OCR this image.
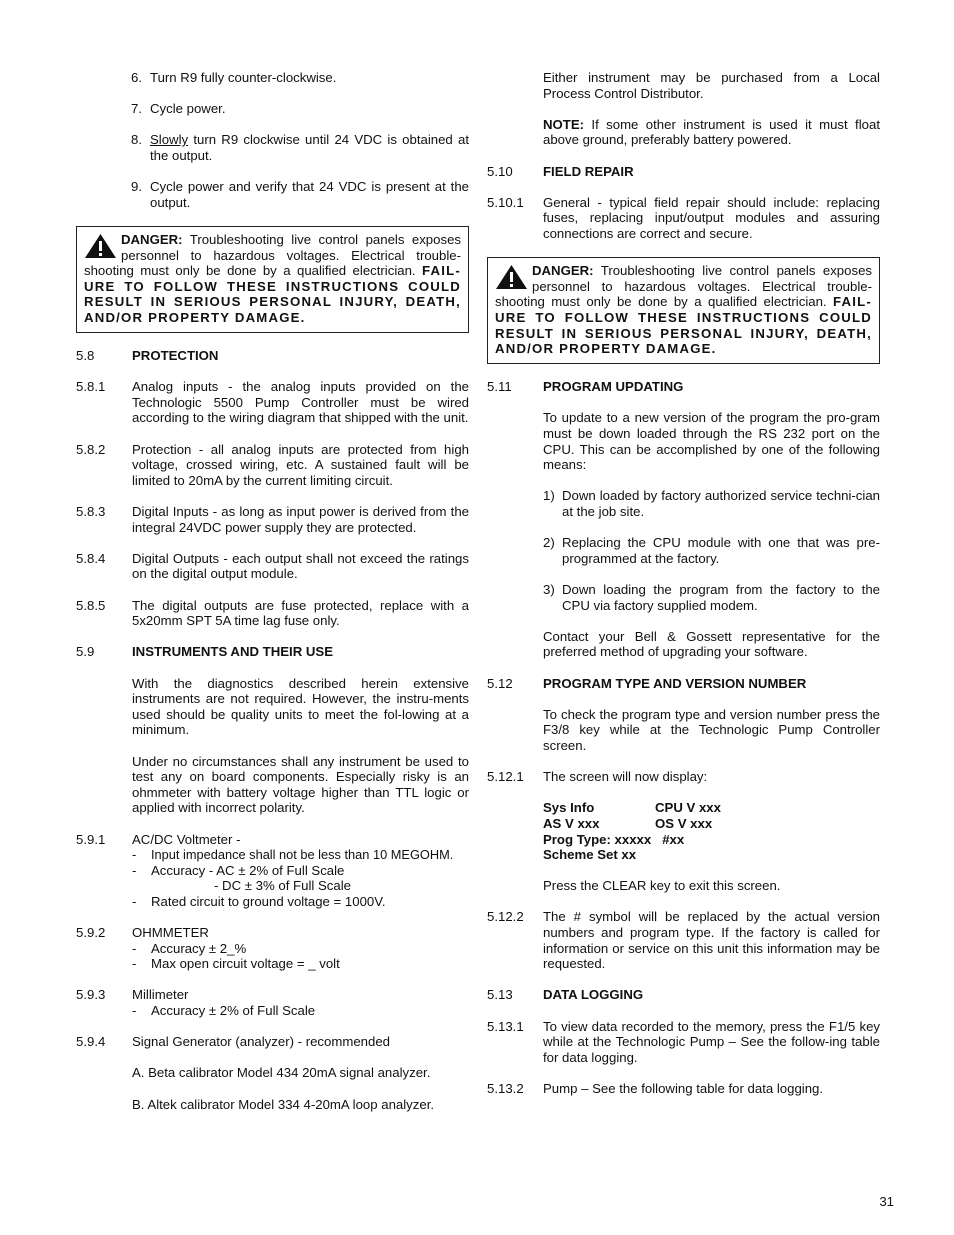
6. Turn R9 fully counter-clockwise.
7. Cycle power.
8. Slowly turn R9 clockwise until 24 VDC is obtained at the output.
9. Cycle power and verify that 24 VDC is present at the output.
DANGER: Troubleshooting live control panels exposes personnel to hazardous voltages. Electrical trouble-shooting must only be done by a qualified electrician. FAIL-URE TO FOLLOW THESE INSTRUCTIONS COULD RESULT IN SERIOUS PERSONAL INJURY, DEATH, AND/OR PROPERTY DAMAGE.
5.8	PROTECTION
5.8.1 Analog inputs - the analog inputs provided on the Technologic 5500 Pump Controller must be wired according to the wiring diagram that shipped with the unit.

5.8.2 Protection - all analog inputs are protected from high voltage, crossed wiring, etc. A sustained fault will be limited to 20mA by the current limiting circuit.

5.8.3 Digital Inputs - as long as input power is derived from the integral 24VDC power supply they are protected.

5.8.4 Digital Outputs - each output shall not exceed the ratings on the digital output module.

5.8.5 The digital outputs are fuse protected, replace with a 5x20mm SPT 5A time lag fuse only.

5.9	INSTRUMENTS AND THEIR USE

With the diagnostics described herein extensive instruments are not required. However, the instru-ments used should be quality units to meet the fol-lowing at a minimum.

Under no circumstances shall any instrument be used to test any on board components. Especially risky is an ohmmeter with battery voltage higher than TTL logic or applied with incorrect polarity.

5.9.1 AC/DC Voltmeter -
- Input impedance shall not be less than 10 MEGOHM.
- Accuracy - AC ± 2% of Full Scale
- DC ± 3% of Full Scale
- Rated circuit to ground voltage = 1000V.
5.9.2 OHMMETER
- Accuracy ± 2_%
- Max open circuit voltage = _ volt
5.9.3 Millimeter
- Accuracy ± 2% of Full Scale
5.9.4 Signal Generator (analyzer) - recommended

A. Beta calibrator Model 434 20mA signal analyzer.

B. Altek calibrator Model 334 4-20mA loop analyzer.

Either instrument may be purchased from a Local Process Control Distributor.

NOTE: If some other instrument is used it must float above ground, preferably battery powered.

5.10 FIELD REPAIR
5.10.1 General - typical field repair should include: replacing fuses, replacing input/output modules and assuring connections are correct and secure.

DANGER: Troubleshooting live control panels exposes personnel to hazardous voltages. Electrical trouble-shooting must only be done by a qualified electrician. FAIL-URE TO FOLLOW THESE INSTRUCTIONS COULD RESULT IN SERIOUS PERSONAL INJURY, DEATH, AND/OR PROPERTY DAMAGE.
5.11 PROGRAM UPDATING

To update to a new version of the program the pro-gram must be down loaded through the RS 232 port on the CPU. This can be accomplished by one of the following means:

1) Down loaded by factory authorized service techni-cian at the job site.
2) Replacing the CPU module with one that was pre-programmed at the factory.
3) Down loading the program from the factory to the CPU via factory supplied modem.

Contact your Bell & Gossett representative for the preferred method of upgrading your software.

5.12 PROGRAM TYPE AND VERSION NUMBER

To check the program type and version number press the F3/8 key while at the Technologic Pump Controller screen.

5.12.1 The screen will now display:

Sys Info	CPU V xxx
AS V xxx	OS V xxx
Prog Type: xxxxx   #xx
Scheme Set xx

Press the CLEAR key to exit this screen.

5.12.2 The # symbol will be replaced by the actual version numbers and program type. If the factory is called for information or service on this unit this information may be requested.

5.13 DATA LOGGING
5.13.1 To view data recorded to the memory, press the F1/5 key while at the Technologic Pump – See the follow-ing table for data logging.

5.13.2 Pump – See the following table for data logging.

31
